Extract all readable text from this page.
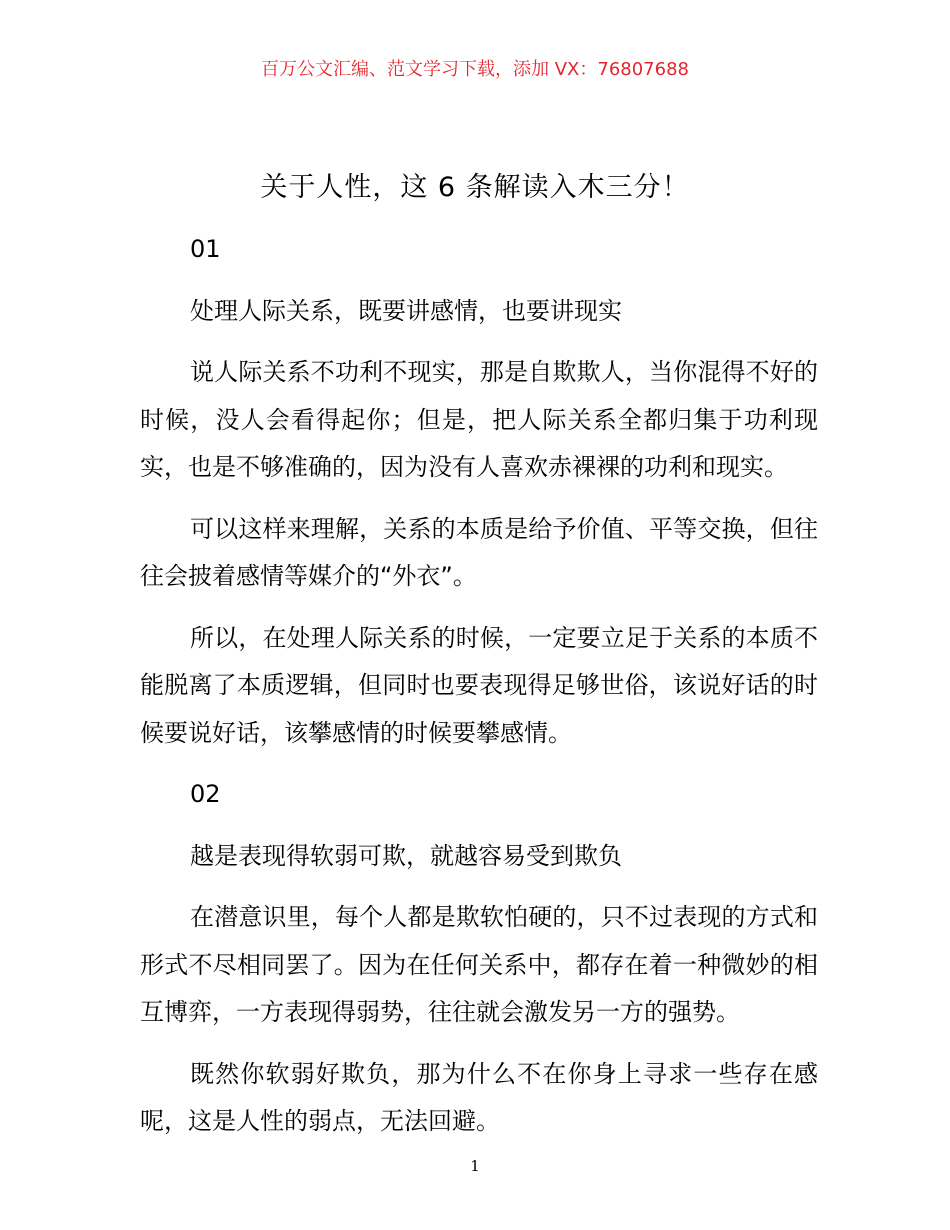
百万公文汇编、范文学习下载，添加 VX：76807688
关于人性，这 6 条解读入木三分！

01

处理人际关系，既要讲感情，也要讲现实

说人际关系不功利不现实，那是自欺欺人，当你混得不好的时候，没人会看得起你；但是，把人际关系全都归集于功利现实，也是不够准确的，因为没有人喜欢赤裸裸的功利和现实。

可以这样来理解，关系的本质是给予价值、平等交换，但往往会披着感情等媒介的“外衣”。

所以，在处理人际关系的时候，一定要立足于关系的本质不能脱离了本质逻辑，但同时也要表现得足够世俗，该说好话的时候要说好话，该攀感情的时候要攀感情。

02

越是表现得软弱可欺，就越容易受到欺负

在潜意识里，每个人都是欺软怕硬的，只不过表现的方式和形式不尽相同罢了。因为在任何关系中，都存在着一种微妙的相互博弈，一方表现得弱势，往往就会激发另一方的强势。

既然你软弱好欺负，那为什么不在你身上寻求一些存在感呢，这是人性的弱点，无法回避。

1
